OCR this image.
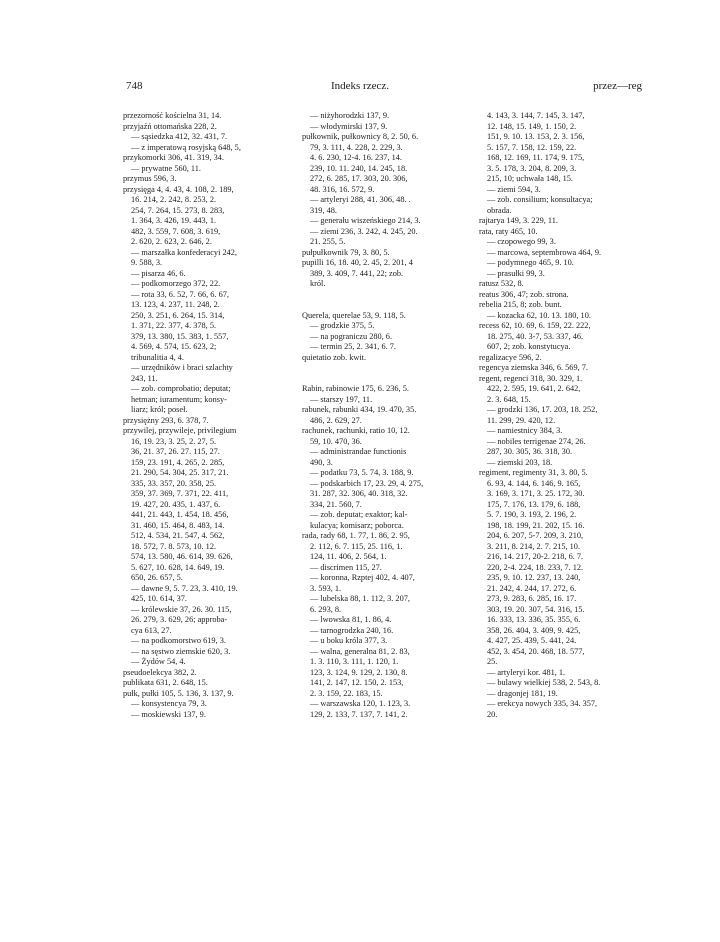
748	Indeks rzecz.	przez—reg
przezorność kościelna 31, 14.
przyjaźń ottomańska 228, 2.
— sąsiedzka 412, 32. 431, 7.
— z imperatową rosyjską 648, 5,
przykomorki 306, 41. 319, 34.
— prywatne 560, 11.
przymus 596, 3.
przysięga 4, 4. 43, 4. 108, 2. 189,
16. 214, 2. 242, 8. 253, 2.
254, 7. 264, 15. 273, 8. 283,
1. 364, 3. 426, 19. 443, 1.
482, 3. 559, 7. 608, 3. 619,
2. 620, 2. 623, 2. 646, 2.
— marszałka konfederacyi 242,
9. 588, 3.
— pisarza 46, 6.
— podkomorzego 372, 22.
— rota 33, 6. 52, 7. 66, 6. 67,
13. 123, 4. 237, 11. 248, 2.
250, 3. 251, 6. 264, 15. 314,
1. 371, 22. 377, 4. 378, 5.
379, 13. 380, 15. 383, 1. 557,
4. 569, 4. 574, 15. 623, 2;
tribunalitia 4, 4.
— urzędników i braci szlachty
243, 11.
— zob. comprobatio; deputat;
hetman; iuramentum; konsy-
liarz; król; poseł.
przysiężny 293, 6. 378, 7.
przywilej, przywileje, privilegium
16, 19. 23, 3. 25, 2. 27, 5.
36, 21. 37, 26. 27. 115, 27.
159, 23. 191, 4. 265, 2. 285,
21. 290, 54. 304, 25. 317, 21.
335, 33. 357, 20. 358, 25.
359, 37. 369, 7. 371, 22. 411,
19. 427, 20. 435, 1. 437, 6.
441, 21. 443, 1. 454, 18. 456,
31. 460, 15. 464, 8. 483, 14.
512, 4. 534, 21. 547, 4. 562,
18. 572, 7. 8. 573, 10. 12.
574, 13. 580, 46. 614, 39. 626,
5. 627, 10. 628, 14. 649, 19.
650, 26. 657, 5.
— dawne 9, 5. 7. 23, 3. 410, 19.
425, 10. 614, 37.
— królewskie 37, 26. 30. 115,
26. 279, 3. 629, 26; approba-
cya 613, 27.
— na podkomorstwo 619, 3.
— na sęstwo ziemskie 620, 3.
— Żydów 54, 4.
pseudoelekcya 382, 2.
publikata 631, 2. 648, 15.
pułk, pułki 105, 5. 136, 3. 137, 9.
— konsystencya 79, 3.
— moskiewski 137, 9.
— niżyhorodzki 137, 9.
— włodymirski 137, 9.
pułkownik, pułkownicy 8, 2. 50, 6.
79, 3. 111, 4. 228, 2. 229, 3.
4. 6. 230, 12-4. 16. 237, 14.
239, 10. 11. 240, 14. 245, 18.
272, 6. 285, 17. 303, 20. 306,
48. 316, 16. 572, 9.
— artyleryi 288, 41. 306, 48. .
319, 48.
— generału wiszeńskiego 214, 3.
— ziemi 236, 3. 242, 4. 245, 20.
21. 255, 5.
pułpułkownik 79, 3. 80, 5.
pupilli 16, 18. 40, 2. 45, 2. 201, 4
389, 3. 409, 7. 441, 22; zob.
król.
Querela, querelae 53, 9. 118, 5.
— grodzkie 375, 5.
— na pograniczu 280, 6.
— termin 25, 2. 341, 6. 7.
quietatio zob. kwit.
Rabin, rabinowie 175, 6. 236, 5.
— starszy 197, 11.
rabunek, rabunki 434, 19. 470, 35.
486, 2. 629, 27.
rachunek, rachunki, ratio 10, 12.
59, 10. 470, 36.
— administrandae functionis
490, 3.
— podatku 73, 5. 74, 3. 188, 9.
— podskarbich 17, 23. 29, 4. 275,
31. 287, 32. 306, 40. 318, 32.
334, 21. 560, 7.
— zob. deputat; exaktor; kal-
kulacya; komisarz; poborca.
rada, rady 68, 1. 77, 1. 86, 2. 95,
2. 112, 6. 7. 115, 25. 116, 1.
124, 11. 406, 2. 564, 1.
— discrimen 115, 27.
— koronna, Rzptej 402, 4. 407,
3. 593, 1.
— lubelska 88, 1. 112, 3. 207,
6. 293, 8.
— lwowska 81, 1. 86, 4.
— tarnogrodzka 240, 16.
— u boku króla 377, 3.
— walna, generalna 81, 2. 83,
1. 3. 110, 3. 111, 1. 120, 1.
123, 3. 124, 9. 129, 2. 130, 8.
141, 2. 147, 12. 150, 2. 153,
2. 3. 159, 22. 183, 15.
— warszawska 120, 1. 123, 3.
129, 2. 133, 7. 137, 7. 141, 2.
4. 143, 3. 144, 7. 145, 3. 147,
12. 148, 15. 149, 1. 150, 2.
151, 9. 10. 13. 153, 2. 3. 156,
5. 157, 7. 158, 12. 159, 22.
168, 12. 169, 11. 174, 9. 175,
3. 5. 178, 3. 204, 8. 209, 3.
215, 10; uchwała 148, 15.
— ziemi 594, 3.
— zob. consilium; konsultacya;
obrada.
rajtarya 149, 3. 229, 11.
rata, raty 465, 10.
— czopowego 99, 3.
— marcowa, septembrowa 464, 9.
— podymnego 465, 9. 10.
— prasułki 99, 3.
ratusz 532, 8.
reatus 306, 47; zob. strona.
rebelia 215, 8; zob. bunt.
— kozacka 62, 10. 13. 180, 10.
recess 62, 10. 69, 6. 159, 22. 222,
18. 275, 40. 3-7, 53. 337, 46.
607, 2; zob. konstytucya.
regalizacye 596, 2.
regencya ziemska 346, 6. 569, 7.
regent, regenci 318, 30. 329, 1.
422, 2. 595, 19. 641, 2. 642,
2. 3. 648, 15.
— grodzki 136, 17. 203, 18. 252,
11. 299, 29. 420, 12.
— namiestnicy 384, 3.
— nobiles terrigenae 274, 26.
287, 30. 305, 36. 318, 30.
— ziemski 203, 18.
regiment, regimenty 31, 3. 80, 5.
6. 93, 4. 144, 6. 146, 9. 165,
3. 169, 3. 171, 3. 25. 172, 30.
175, 7. 176, 13. 179, 6. 188,
5. 7. 190, 3. 193, 2. 196, 2.
198, 18. 199, 21. 202, 15. 16.
204, 6. 207, 5-7. 209, 3. 210,
3. 211, 8. 214, 2. 7. 215, 10.
216, 14. 217, 20-2. 218, 6. 7.
220, 2-4. 224, 18. 233, 7. 12.
235, 9. 10. 12. 237, 13. 240,
21. 242, 4. 244, 17. 272, 6.
273, 9. 283, 6. 285, 16. 17.
303, 19. 20. 307, 54. 316, 15.
16. 333, 13. 336, 35. 355, 6.
358, 26. 404, 3. 409, 9. 425,
4. 427, 25. 439, 5. 441, 24.
452, 3. 454, 20. 468, 18. 577,
25.
— artyleryi kor. 481, 1.
— bulawy wielkiej 538, 2. 543, 8.
— dragonjej 181, 19.
— erekcya nowych 335, 34. 357,
20.
